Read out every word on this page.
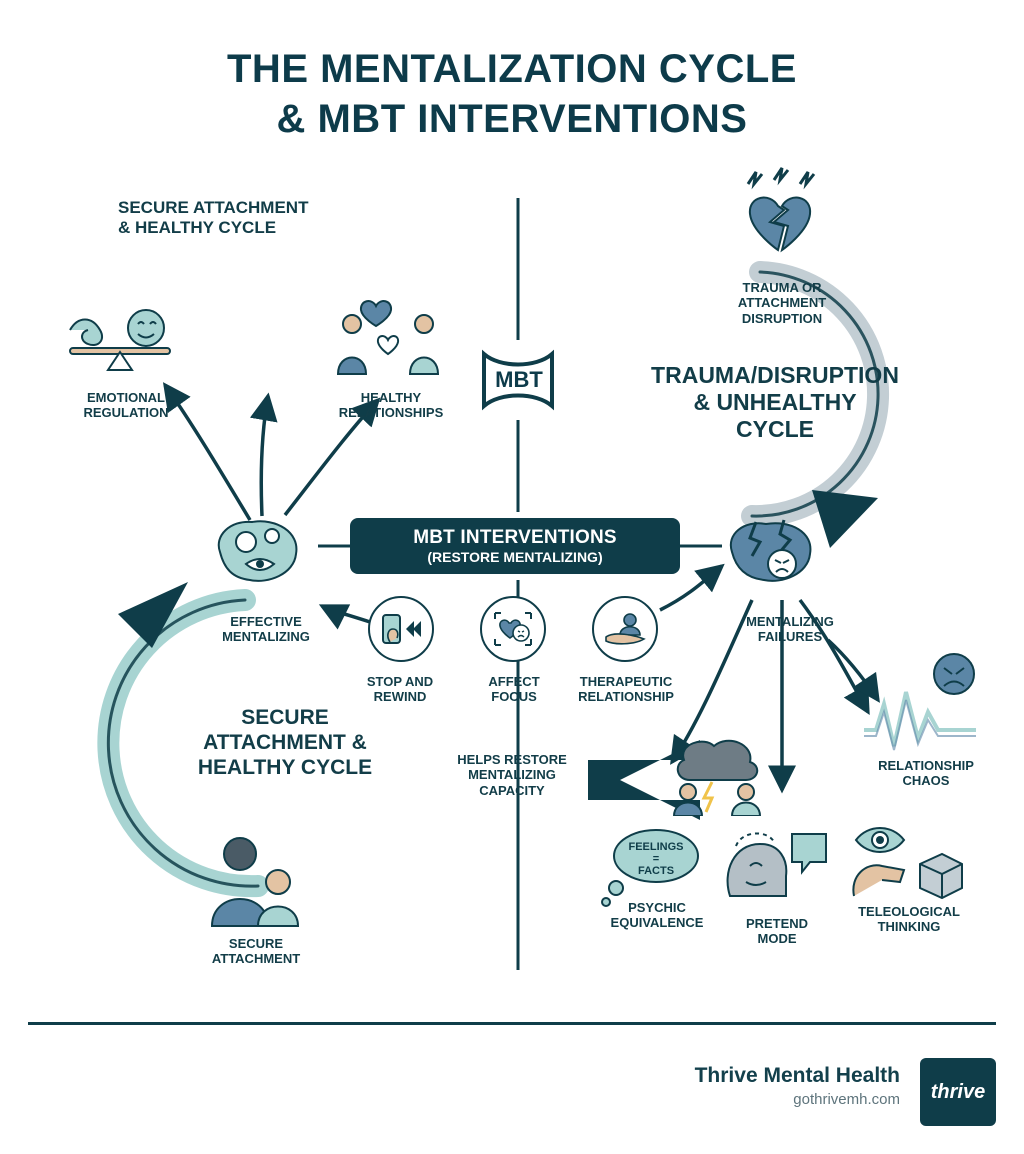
THE MENTALIZATION CYCLE
& MBT INTERVENTIONS
SECURE ATTACHMENT
& HEALTHY CYCLE
MBT	TRAUMA/DISRUPTION
& UNHEALTHY
CYCLE
SECURE
ATTACHMENT &
HEALTHY CYCLE
EMOTIONAL
REGULATION
HEALTHY
RELATIONSHIPS
EFFECTIVE
MENTALIZING
SECURE
ATTACHMENT
TRAUMA OR
ATTACHMENT
DISRUPTION
MENTALIZING
FAILURES
RELATIONSHIP
CHAOS
FEELINGS
=
FACTS
PSYCHIC
EQUIVALENCE	PRETEND
MODE
TELEOLOGICAL
THINKING
MBT INTERVENTIONS
(RESTORE MENTALIZING)
STOP AND
REWIND
AFFECT
FOCUS
THERAPEUTIC
RELATIONSHIP
HELPS RESTORE
MENTALIZING
CAPACITY
Thrive Mental Health
gothrivemh.com thrive
